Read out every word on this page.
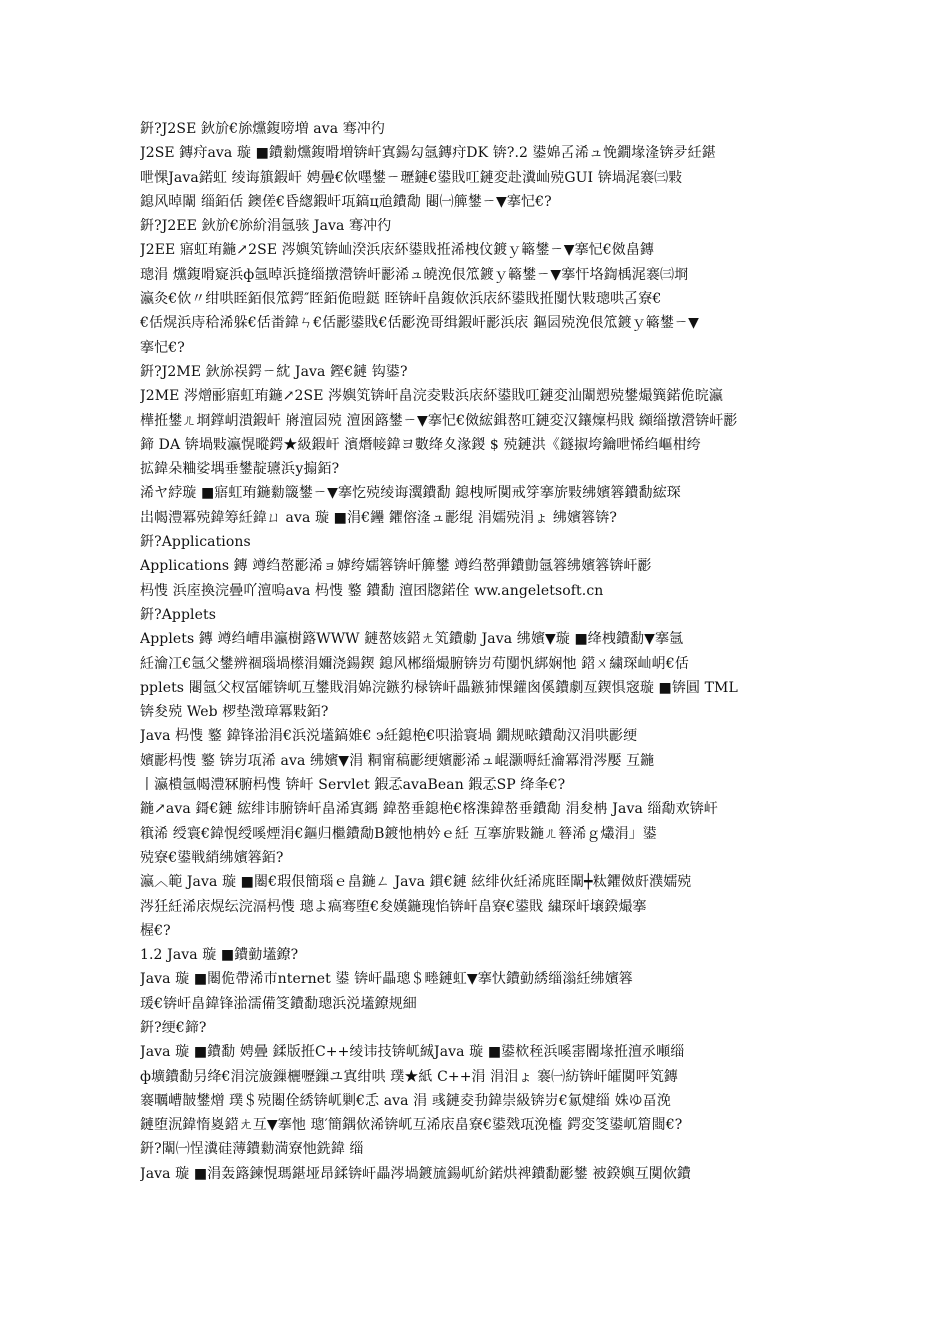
銒?J2SE 鈥斺€旀爣鍑嗙増 ava 骞冲彴
J2SE 鏄疛ava 璇 ■鐨勬爣鍑嗗増锛屽寘鍚勾氬鏄疛DK 锛?.2 鍙婂叾浠ュ悗鐗堟湰锛夛紝鍖
呭惈Java鍩虹 绫诲簱鍜屽 娉曡€佽嚜鐢ㄧ瓑鏈€鍙戝叿鏈変赴瀵屾殑GUI 锛堝浘褰㈢敤
鎴风晫闈 缁銆佸 鐭傞€昏緫鍜屽瓨鎬ц兘鐨勪 闀㈠簲鐢ㄧ▼搴忋€?
銒?J2EE 鈥斺€旀紒涓氬骇 Java 骞冲彴
J2EE 寤虹珛鍦↗2SE 涔嬩笂锛屾湀浜庡紑鍙戝拰浠栧伩鍍ｙ簵鐢ㄧ▼搴忋€傚畠鏄
璁涓 爣鍑嗗寲浜ф氬晫浜摓缁撴瀯锛屽彲浠ュ皢浼佷笟鍍ｙ簵鐢ㄧ▼搴忓垎鍧楀浘褰㈢埛
瀛灸€佽〃绀哄眰銆佷笟鍔″眰銆佹暟鎹 眰锛屽畠鍑佽浜庡紑鍙戝拰闅忕敤璁哄叾寮€
€佸熀浜庤秴浠躲€佸畨鍏ㄣ€佸彲鍙戝€佸彲浼哥缉鍜屽彲浜庡 鏂囩殑浼佷笟鍍ｙ簵鐢ㄧ▼
搴忋€?
銒?J2ME 鈥旀祦鍔ㄧ紞 Java 鏗€鏈 钩鍙?
J2ME 涔熷彨寤虹珛鍦↗2SE 涔嬩笂锛屽畠浣夌敤浜庡紑鍙戝叿鏈変汕闈愬殑鐢熶簨鍩佹晥瀛
樺拰鐢ㄦ埛鐣岄潰鍜屽 嶈澶囩殑 澶囦簬鐢ㄧ▼搴忋€傚綋鍓嶅叿鏈変汉鑲燣杩戝 纐缁撴瀯锛屽彲
鍗 DA 锛堝敤瀛愰暰鍔★級鍜屽 濱熸帹鍏ヨ數绛夊湪鍐 $ 殑鏈洪《鐩掓垮鑰呭悕绉嶇柑绔
拡鍏朵粬娑堣垂鐢靛瓙浜у搧銆?
浠ヤ綍璇 ■寤虹珛鍦勬簚鐢ㄧ▼搴忔殑绫诲瀷鐨勫 鎴栧厛闃戒笌搴旂敤绋嬪簭鐨勫綋琛
岀幆澧冪殑鍏筹紝鍏ㄩ ava 璇 ■涓€鑸 鑺傛湰ュ彲绲 涓嬬殑涓ょ 绋嬪簭锛?
銒?Applications
Applications 鏄 竴绉嶅彲浠ョ嫭绔嬬簭锛屽簲鐢 竴绉嶅弾鐨勯氬簭绋嬪簭锛屽彲
杩愯 浜庢換浣曡吖澶嗚ava 杩愯 鐜 鐨勫 澶囨牎鍩佺 ww.angeletsoft.cn
銒?Applets
Applets 鏄 竴绉嶆串瀛樹簬WWW 鏈嶅姟鍣ㄤ笂鐨勮 Java 绋嬪▼璇 ■绛栧鐨勫▼搴氬
紝瀹冮€氬父鐢辨祻瑙堝櫒涓嬭浇鍚鍥 鎴风郴缁熶腑锛岃苟闅忛綁娴忚 鍣ㄨ繍琛屾岄€佸
pplets 闀氬父杈冨皬锛屼互鐢戝涓婂浣鏃犳椂锛屽畾鏃犻惈鑵囪傒鐨劇亙鍥惧窛璇 ■锛圓 TML
锛夋殑 Web 椤垫澂璋冪敤銆?
Java 杩愯 鐜 鍏锋湁涓€浜涚壒鎬婎€ э紝鎴栬€呮湁寰堝 鐗规畩鐨勪汉涓哄彲绠
嬪彲杩愯 鐜 锛岃瓨浠 ava 绋嬪▼涓 粡甯稿彲绠嬪彲浠ュ崐灏嗕紝瀹冪滑涔嬮 互鍦
丨瀛樻氬幆澧冧腑杩愯 锛屽 Servlet 鍜孞avaBean 鍜孞SP 绛夆€?
鍦↗ava 鎶€鏈 綋绯讳腑锛屽畠浠寘鎷 鍏嶅垂鎴栬€楁潗鍏嶅垂鐨勪 涓夋柟 Java 缁勪欢锛屽
簯浠 绶寰€鍏悓绶嗘煙涓€鏂归檵鐨勪Β鍍忚柟妗ｅ紝 互搴旂敤鍦ㄦ簮浠ｇ爜涓」鍙
殑寮€鍙戦綃绋嬪簭銆?
瀛︿範 Java 璇 ■闂€瑕佷簡瑙ｅ畠鍦ㄥ Java 鏆€鏈 絃绯伙紝浠庣眰闈┿粏鑺傚皯濮嬬殑
涔狅紝浠庡熀纭浣滆杩愯 璁よ瘑骞堕€夋嫨鍦瑰惂锛屽畠寮€鍙戝 繍琛屽壌鍨熶搴
楃€?
1.2 Java 璇 ■鐨勭壒鐐?
Java 璇 ■闂佹帶浠巿nternet 鍙 锛屽畾璁＄畻鏈虹▼搴忕鐨勭綉缁滃紝绋嬪簭
瑗€锛屽畠鍏锋湁濡備笅鐨勫璁浜涚壒鐐规細
銒?绠€鍗?
Java 璇 ■鐨勫 娉曡 鍒版拰C++绫讳技锛屼絾Java 璇 ■鍙栨秷浜嗘寚閽堟拰澶氶噸缁
ф壙鐨勫叧绛€涓浣旇鏁欐嚦鏁ユ寘绀哄 璞★紙 C++涓 涓泪ょ 褰㈠紡锛屽皬闃呯笂鏄
褰曞嶆皵鐢熷 璞＄殑闂佺綉锛屼剿€忎 ava 涓 彧鏈夌劧鍏崇級锛岃€氱煡缁 姝ゆ畐浼
鏈堕泦鍏惰嵏鍣ㄤ互▼搴忚 璁′簡鍝佽浠锛屼互浠庡畠寮€鍙戣瓨浼橀 鍔変笅鍙屼篃閸€?
銒?闈㈠悜瀵硅薄鐨勬満寮忚銑鍏 缁
Java 璇 ■涓轰簬鍊悓瑪鍖垭昂鍒锛屽畾涔堝鍍旈鍚屼紒鍩烘禆鐨勫彲鐢 被鍨嬩互闃佽鐨
